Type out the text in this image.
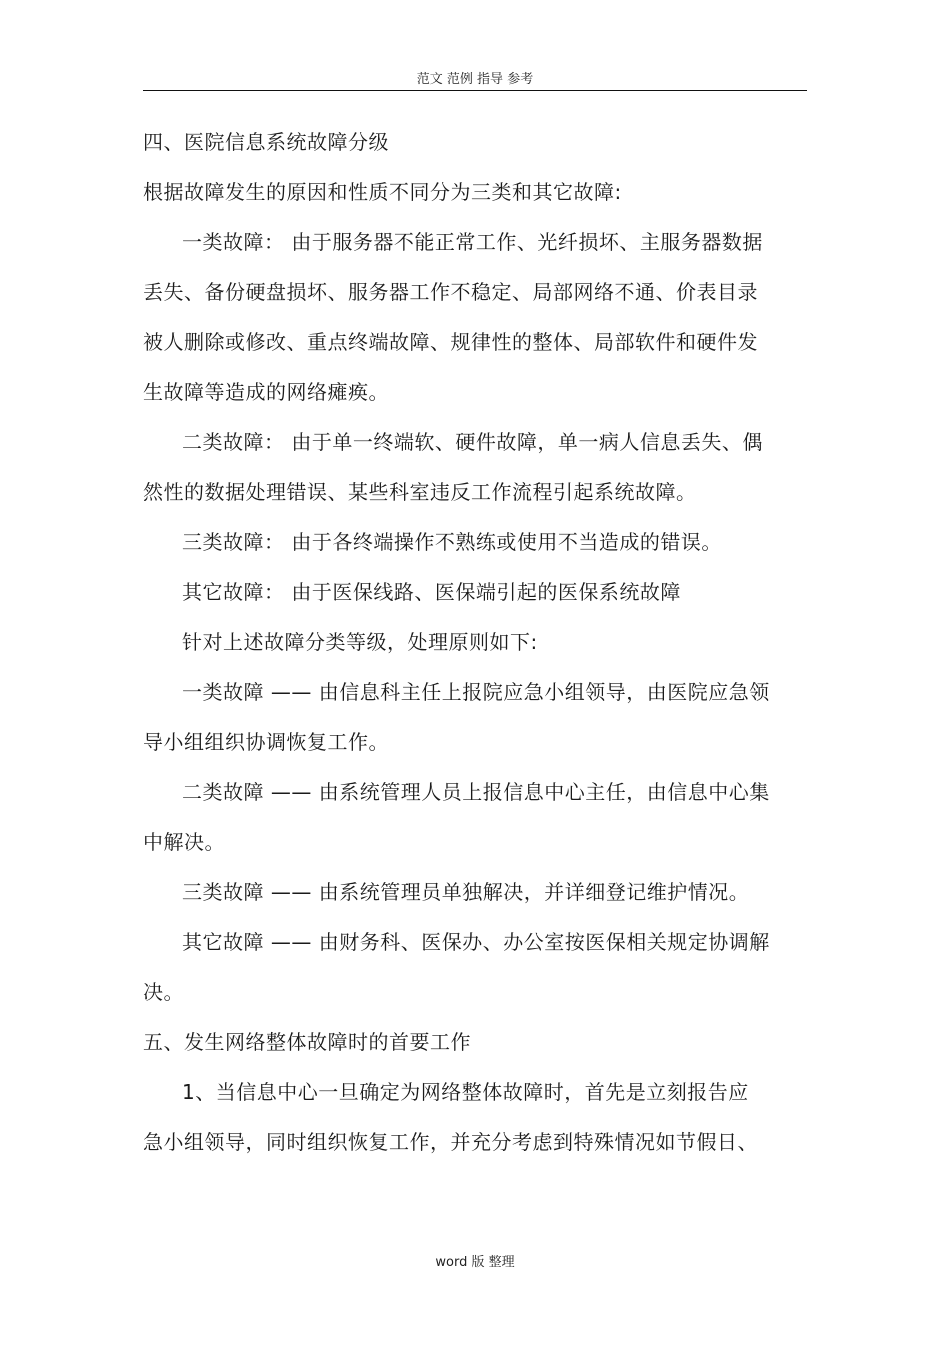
范文 范例 指导 参考
四、医院信息系统故障分级
根据故障发生的原因和性质不同分为三类和其它故障:
一类故障： 由于服务器不能正常工作、光纤损坏、主服务器数据
丢失、备份硬盘损坏、服务器工作不稳定、局部网络不通、价表目录
被人删除或修改、重点终端故障、规律性的整体、局部软件和硬件发
生故障等造成的网络瘫痪。
二类故障： 由于单一终端软、硬件故障，单一病人信息丢失、偶
然性的数据处理错误、某些科室违反工作流程引起系统故障。
三类故障： 由于各终端操作不熟练或使用不当造成的错误。
其它故障： 由于医保线路、医保端引起的医保系统故障
针对上述故障分类等级，处理原则如下:
一类故障 —— 由信息科主任上报院应急小组领导，由医院应急领
导小组组织协调恢复工作。
二类故障 —— 由系统管理人员上报信息中心主任，由信息中心集
中解决。
三类故障 —— 由系统管理员单独解决，并详细登记维护情况。
其它故障 —— 由财务科、医保办、办公室按医保相关规定协调解
决。
五、发生网络整体故障时的首要工作
1、当信息中心一旦确定为网络整体故障时，首先是立刻报告应
急小组领导，同时组织恢复工作，并充分考虑到特殊情况如节假日、
word 版 整理
